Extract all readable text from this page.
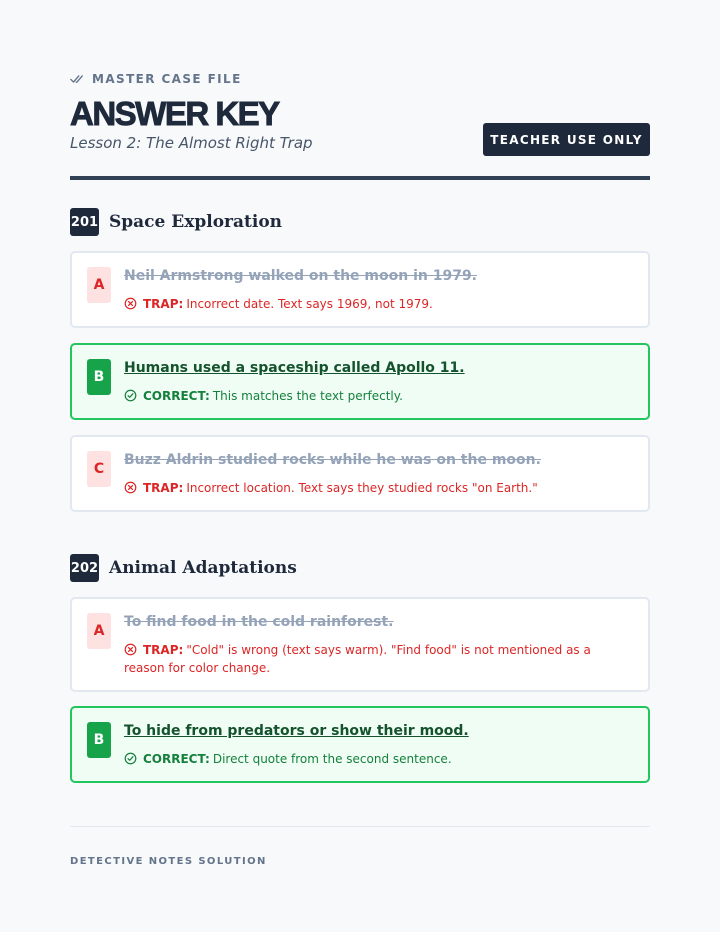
MASTER CASE FILE
ANSWER KEY
Lesson 2: The Almost Right Trap	TEACHER USE ONLY
201 Space Exploration
A
Neil Armstrong walked on the moon in 1979.
TRAP: Incorrect date. Text says 1969, not 1979.
B
Humans used a spaceship called Apollo 11.
CORRECT: This matches the text perfectly.
C
Buzz Aldrin studied rocks while he was on the moon.
TRAP: Incorrect location. Text says they studied rocks "on Earth."
202 Animal Adaptations
A
To find food in the cold rainforest.
TRAP: "Cold" is wrong (text says warm). "Find food" is not mentioned as a reason for color change.
B
To hide from predators or show their mood.
CORRECT: Direct quote from the second sentence.
DETECTIVE NOTES SOLUTION
